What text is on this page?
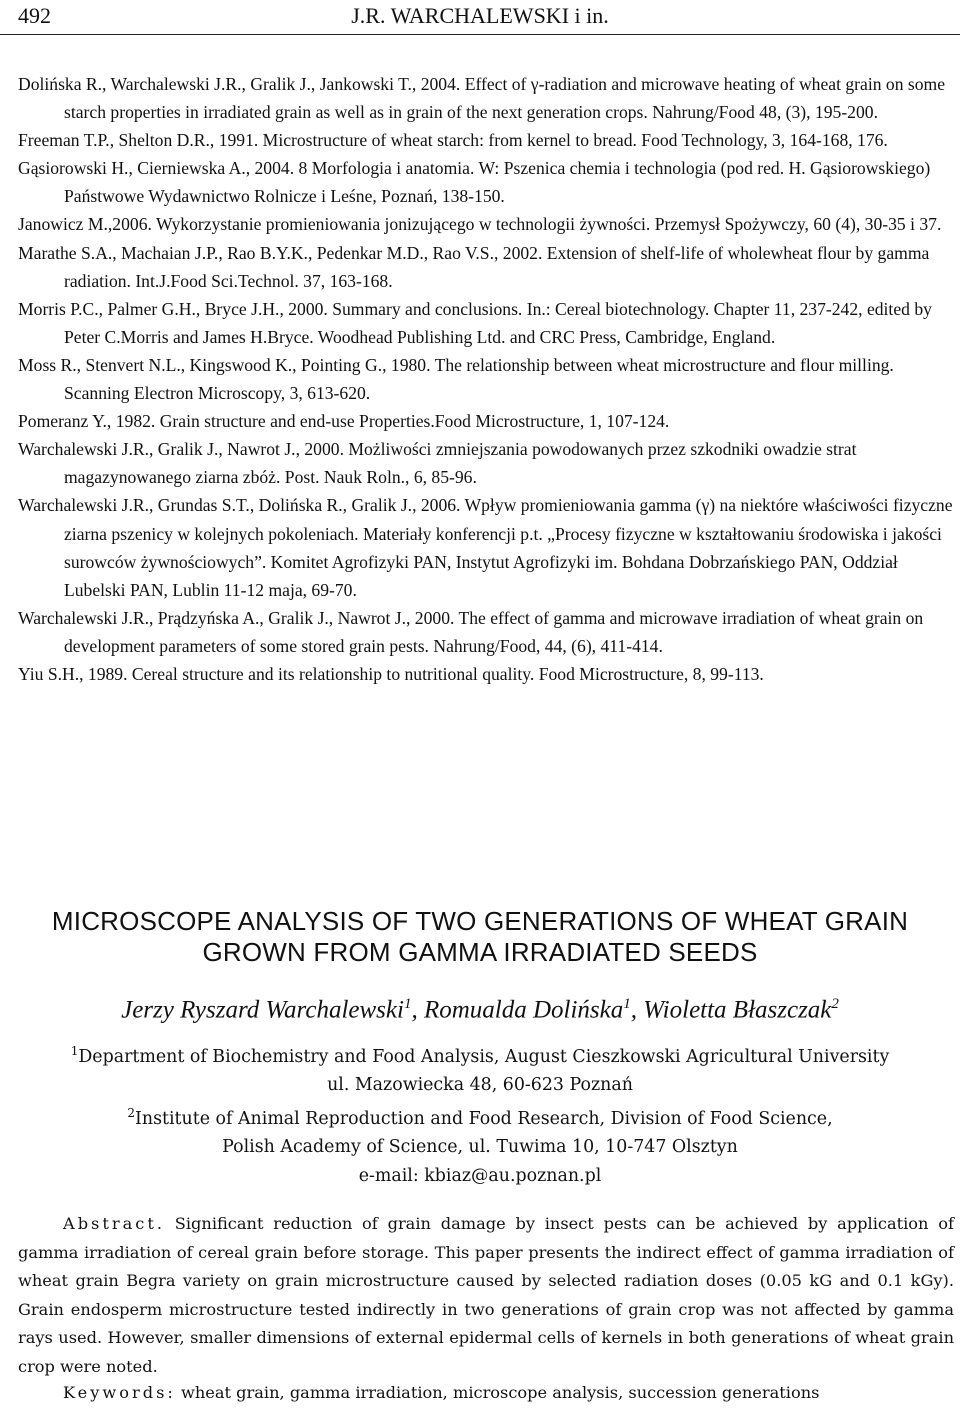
492	J.R. WARCHALEWSKI i in.

Dolińska R., Warchalewski J.R., Gralik J., Jankowski T., 2004. Effect of γ-radiation and microwave heating of wheat grain on some starch properties in irradiated grain as well as in grain of the next generation crops. Nahrung/Food 48, (3), 195-200.

Freeman T.P., Shelton D.R., 1991. Microstructure of wheat starch: from kernel to bread. Food Technology, 3, 164-168, 176.

Gąsiorowski H., Cierniewska A., 2004. 8 Morfologia i anatomia. W: Pszenica chemia i technologia (pod red. H. Gąsiorowskiego) Państwowe Wydawnictwo Rolnicze i Leśne, Poznań, 138-150.

Janowicz M.,2006. Wykorzystanie promieniowania jonizującego w technologii żywności. Przemysł Spożywczy, 60 (4), 30-35 i 37.

Marathe S.A., Machaian J.P., Rao B.Y.K., Pedenkar M.D., Rao V.S., 2002. Extension of shelf-life of wholewheat flour by gamma radiation. Int.J.Food Sci.Technol. 37, 163-168.

Morris P.C., Palmer G.H., Bryce J.H., 2000. Summary and conclusions. In.: Cereal biotechnology. Chapter 11, 237-242, edited by Peter C.Morris and James H.Bryce. Woodhead Publishing Ltd. and CRC Press, Cambridge, England.

Moss R., Stenvert N.L., Kingswood K., Pointing G., 1980. The relationship between wheat microstructure and flour milling. Scanning Electron Microscopy, 3, 613-620.

Pomeranz Y., 1982. Grain structure and end-use Properties.Food Microstructure, 1, 107-124.

Warchalewski J.R., Gralik J., Nawrot J., 2000. Możliwości zmniejszania powodowanych przez szkodniki owadzie strat magazynowanego ziarna zbóż. Post. Nauk Roln., 6, 85-96.

Warchalewski J.R., Grundas S.T., Dolińska R., Gralik J., 2006. Wpływ promieniowania gamma (γ) na niektóre właściwości fizyczne ziarna pszenicy w kolejnych pokoleniach. Materiały konferencji p.t. „Procesy fizyczne w kształtowaniu środowiska i jakości surowców żywnościowych”. Komitet Agrofizyki PAN, Instytut Agrofizyki im. Bohdana Dobrzańskiego PAN, Oddział Lubelski PAN, Lublin 11-12 maja, 69-70.

Warchalewski J.R., Prądzyńska A., Gralik J., Nawrot J., 2000. The effect of gamma and microwave irradiation of wheat grain on development parameters of some stored grain pests. Nahrung/Food, 44, (6), 411-414.

Yiu S.H., 1989. Cereal structure and its relationship to nutritional quality. Food Microstructure, 8, 99-113.

MICROSCOPE ANALYSIS OF TWO GENERATIONS OF WHEAT GRAIN
GROWN FROM GAMMA IRRADIATED SEEDS
Jerzy Ryszard Warchalewski$^1$, Romualda Dolińska$^1$, Wioletta Błaszczak$^2$
$^1$Department of Biochemistry and Food Analysis, August Cieszkowski Agricultural University
ul. Mazowiecka 48, 60-623 Poznań
$^2$Institute of Animal Reproduction and Food Research, Division of Food Science,
Polish Academy of Science, ul. Tuwima 10, 10-747 Olsztyn
e-mail: kbiaz@au.poznan.pl

Abstract. Significant reduction of grain damage by insect pests can be achieved by application of gamma irradiation of cereal grain before storage. This paper presents the indirect effect of gamma irradiation of wheat grain Begra variety on grain microstructure caused by selected radiation doses (0.05 kG and 0.1 kGy). Grain endosperm microstructure tested indirectly in two generations of grain crop was not affected by gamma rays used. However, smaller dimensions of external epidermal cells of kernels in both generations of wheat grain crop were noted.

Keywords: wheat grain, gamma irradiation, microscope analysis, succession generations
